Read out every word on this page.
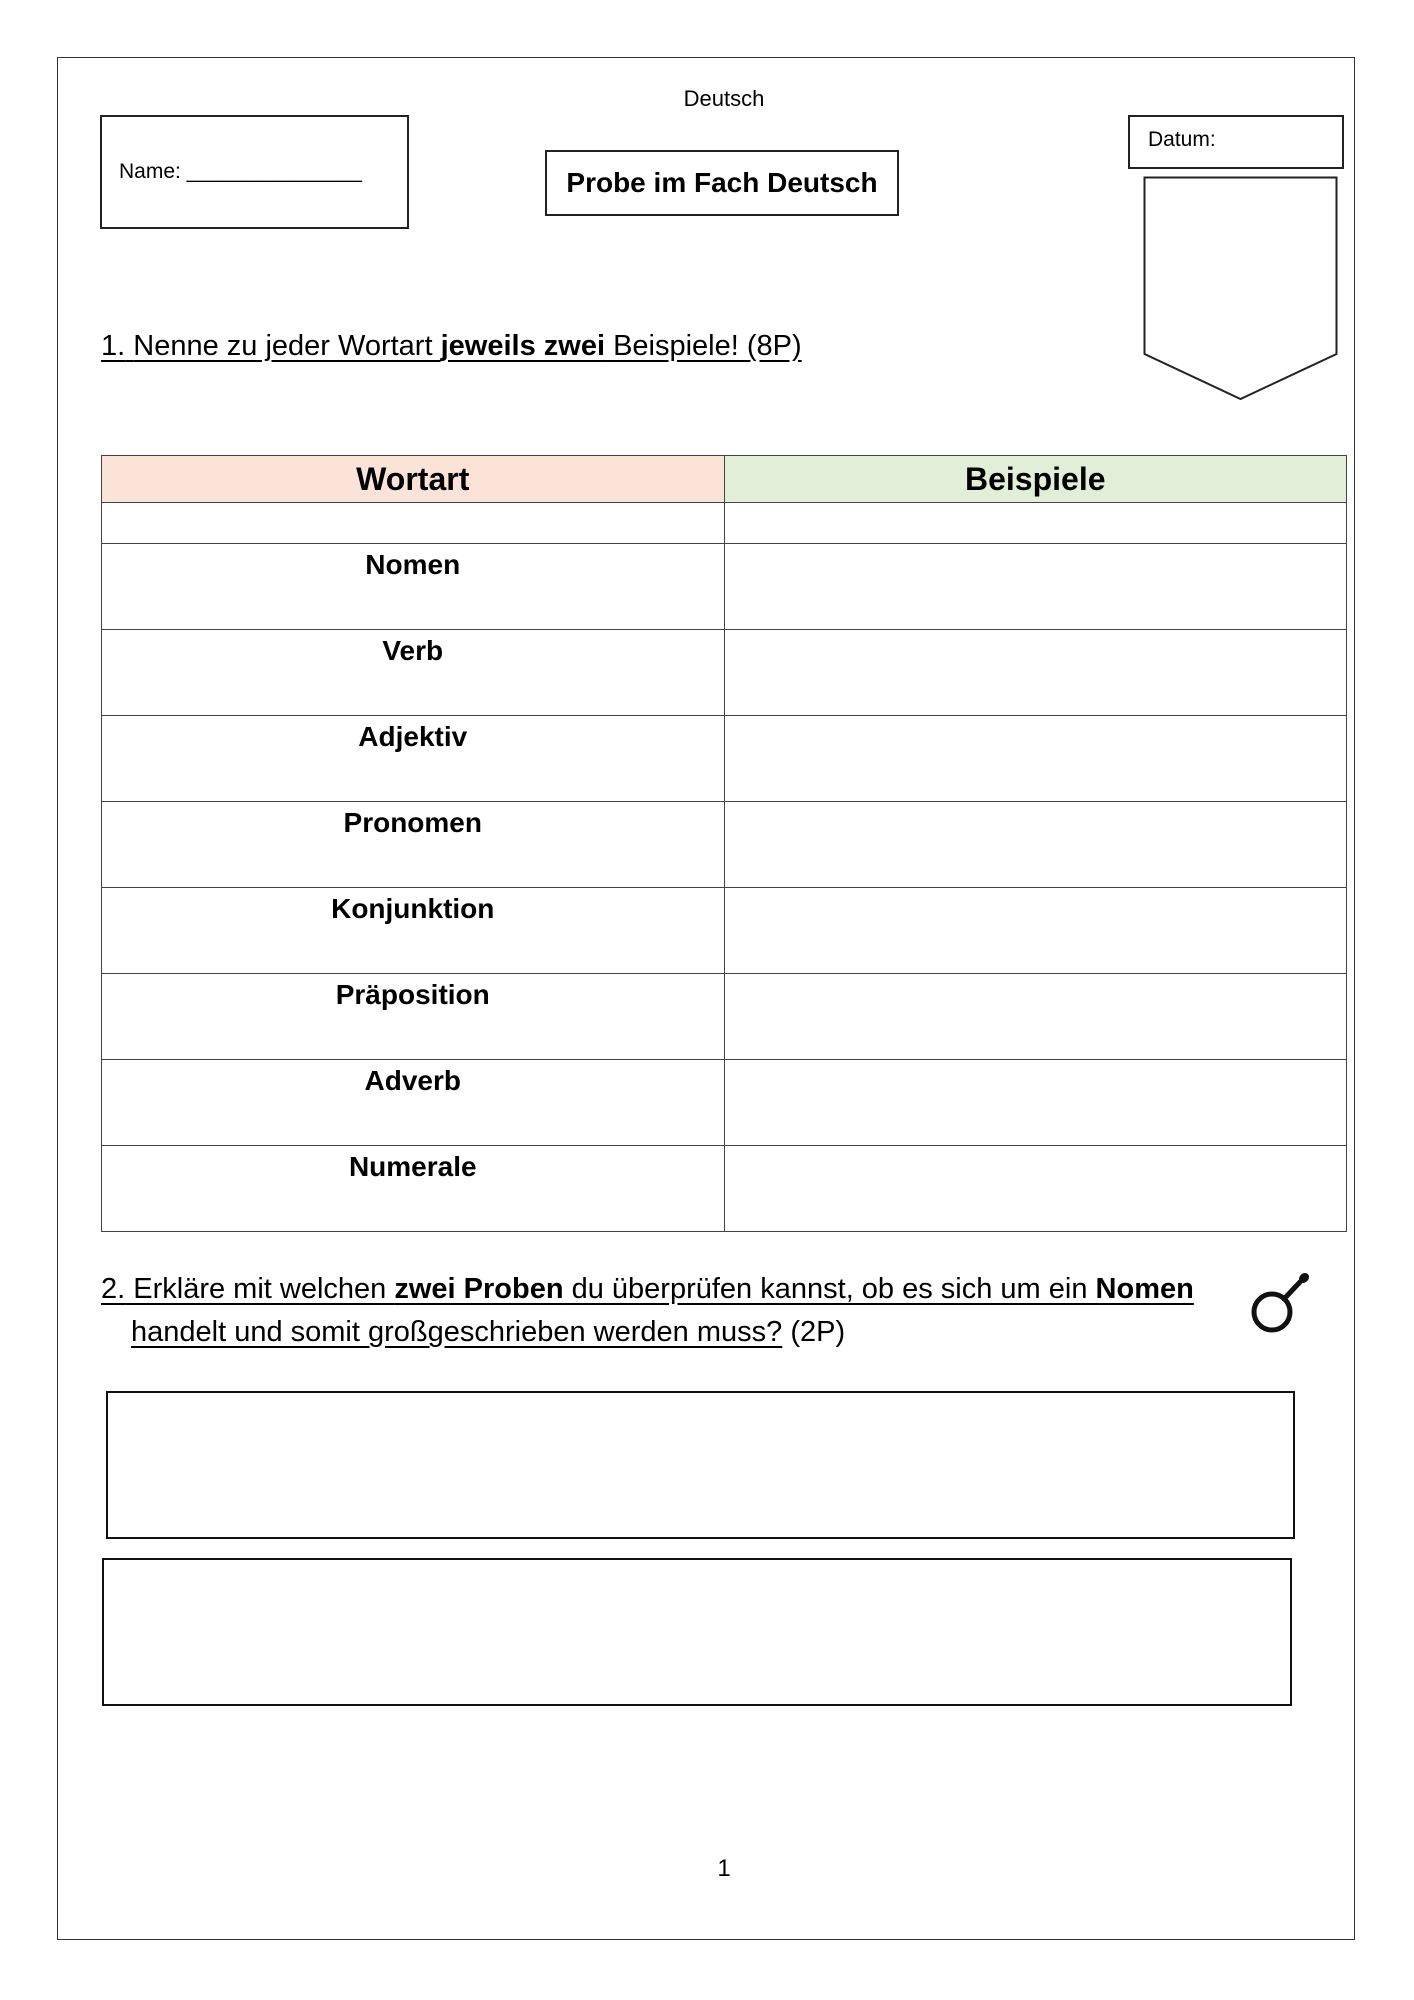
Deutsch
Name: _______________	Probe im Fach Deutsch
Datum:
1. Nenne zu jeder Wortart jeweils zwei Beispiele! (8P)
Wortart	Beispiele

Nomen	
Verb	
Adjektiv	
Pronomen	
Konjunktion	
Präposition	
Adverb	
Numerale	
2. Erkläre mit welchen zwei Proben du überprüfen kannst, ob es sich um ein Nomen
handelt und somit großgeschrieben werden muss? (2P)
1
